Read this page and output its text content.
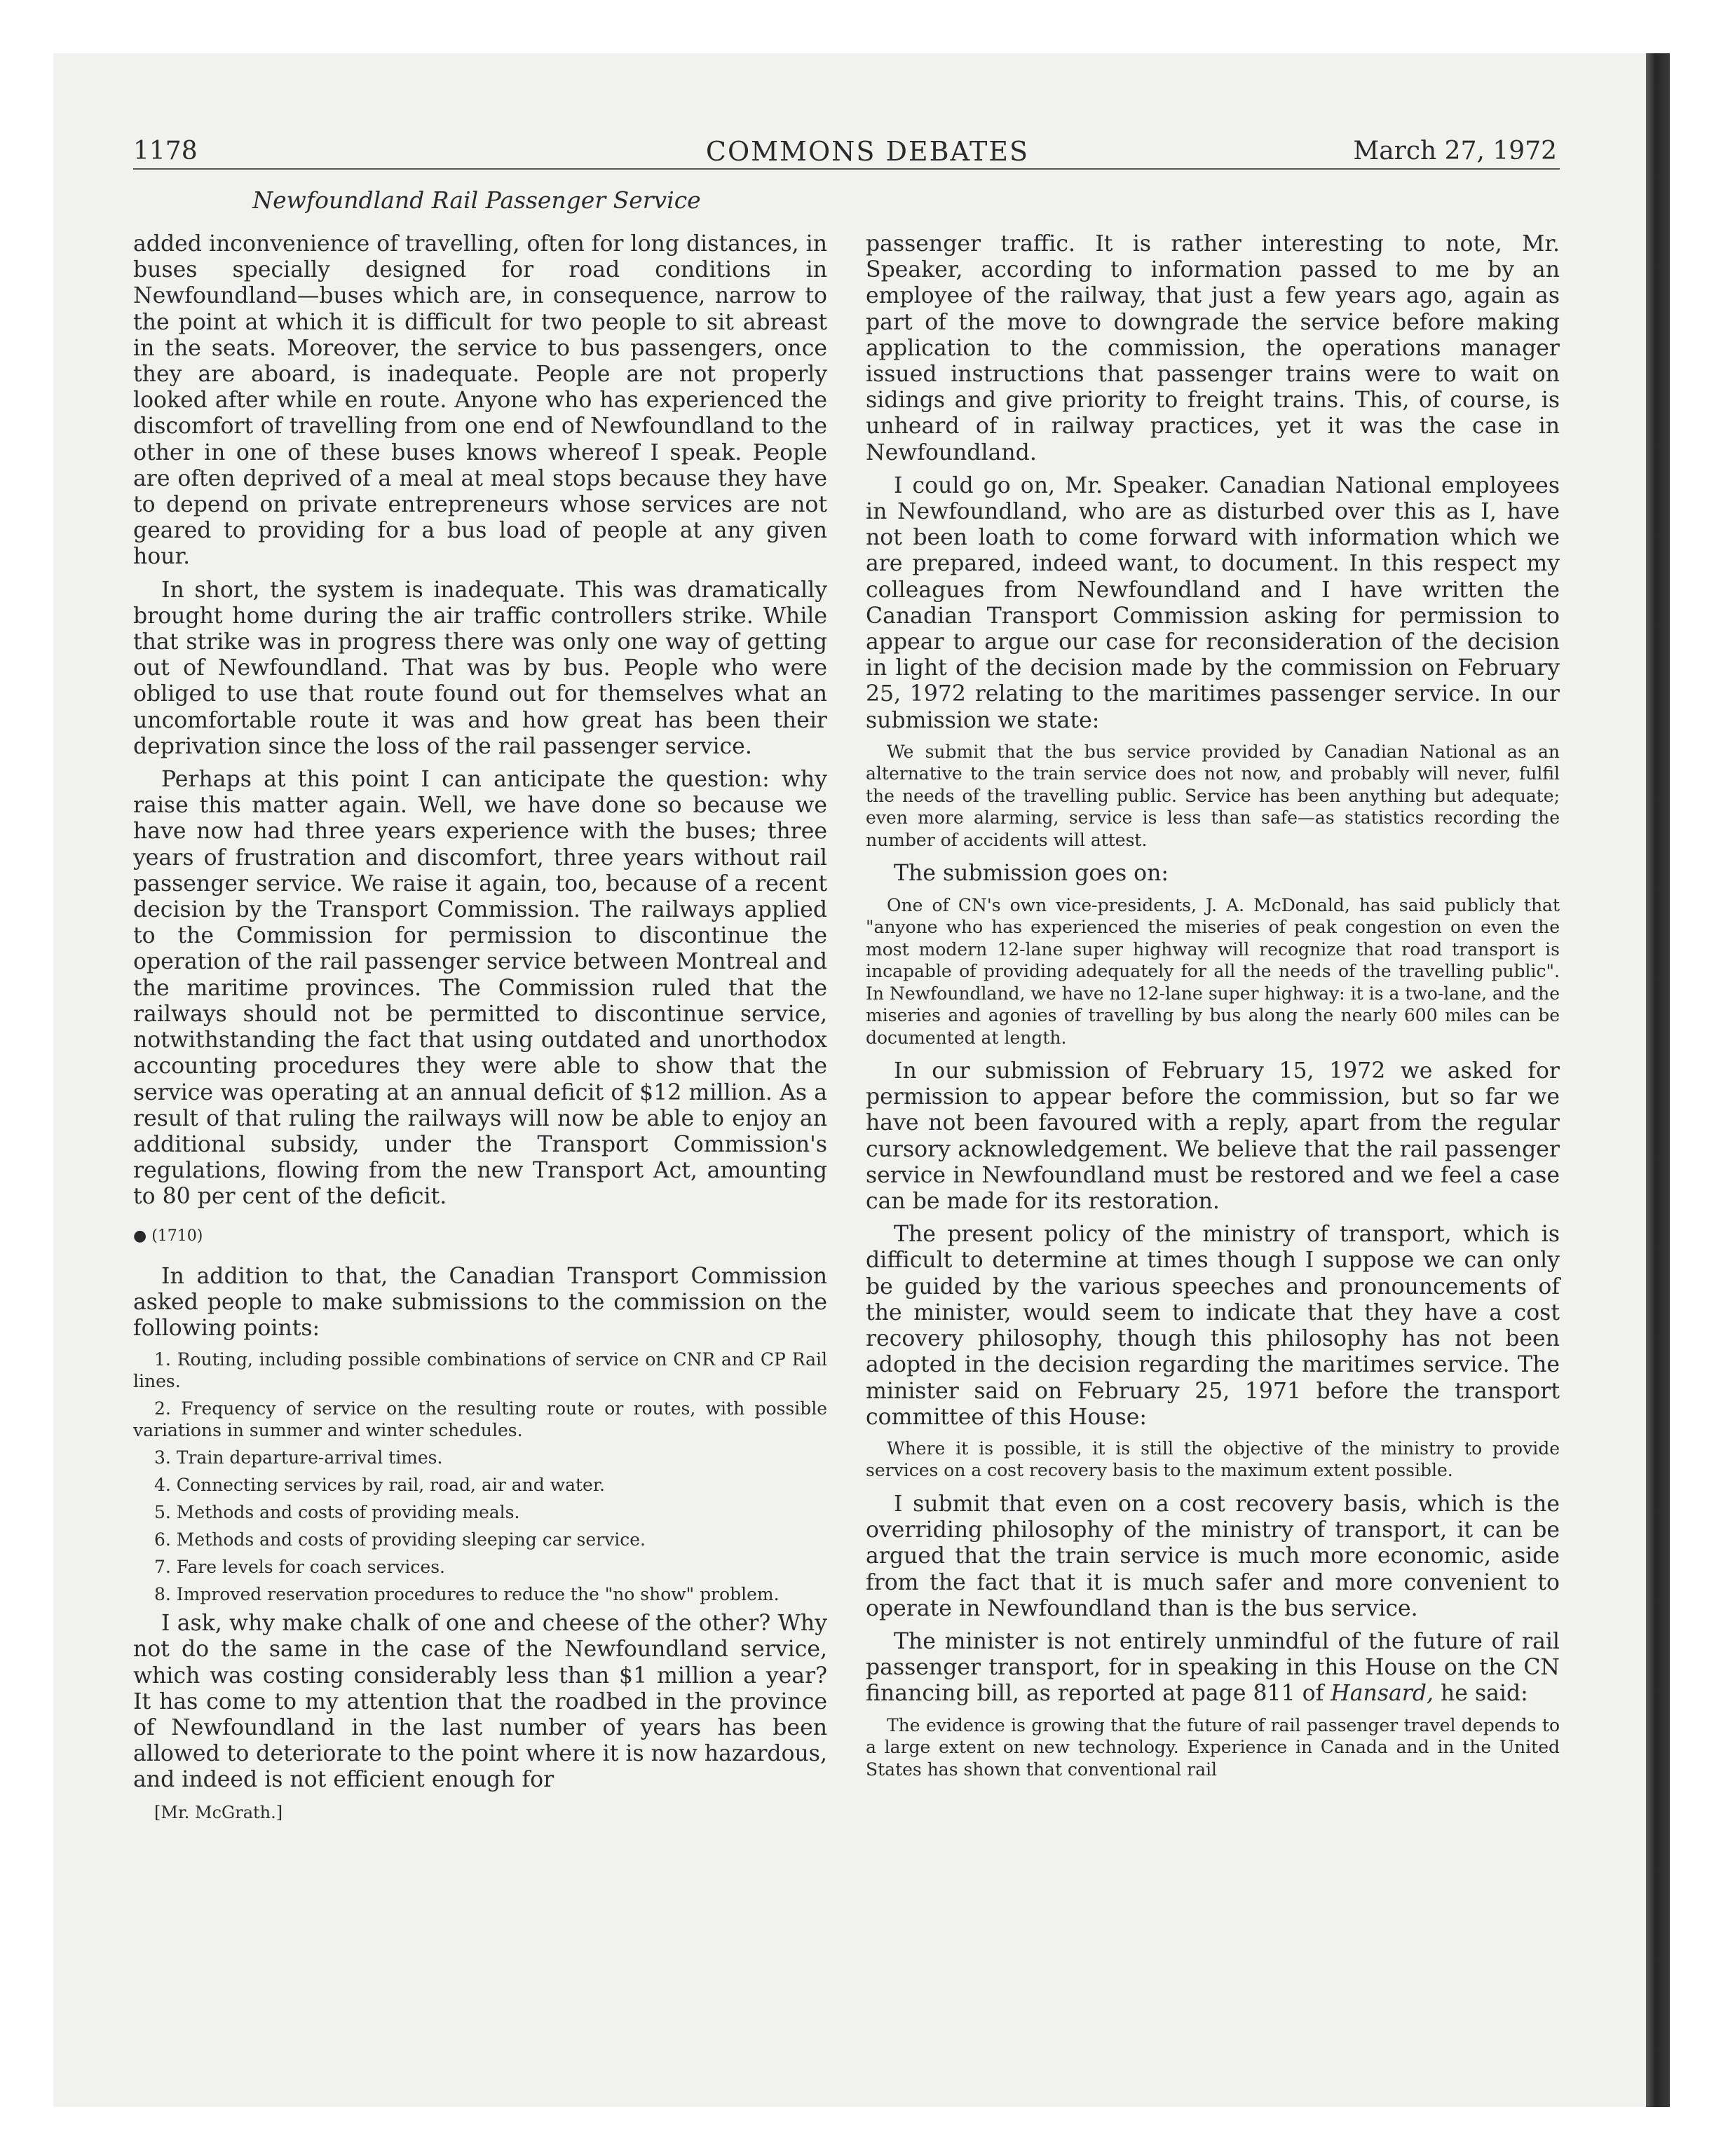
1178	COMMONS DEBATES	March 27, 1972
Newfoundland Rail Passenger Service

added inconvenience of travelling, often for long distances, in buses specially designed for road conditions in Newfoundland—buses which are, in consequence, narrow to the point at which it is difficult for two people to sit abreast in the seats. Moreover, the service to bus passengers, once they are aboard, is inadequate. People are not properly looked after while en route. Anyone who has experienced the discomfort of travelling from one end of Newfoundland to the other in one of these buses knows whereof I speak. People are often deprived of a meal at meal stops because they have to depend on private entrepreneurs whose services are not geared to providing for a bus load of people at any given hour.

In short, the system is inadequate. This was dramatically brought home during the air traffic controllers strike. While that strike was in progress there was only one way of getting out of Newfoundland. That was by bus. People who were obliged to use that route found out for themselves what an uncomfortable route it was and how great has been their deprivation since the loss of the rail passenger service.

Perhaps at this point I can anticipate the question: why raise this matter again. Well, we have done so because we have now had three years experience with the buses; three years of frustration and discomfort, three years without rail passenger service. We raise it again, too, because of a recent decision by the Transport Commission. The railways applied to the Commission for permission to discontinue the operation of the rail passenger service between Montreal and the maritime provinces. The Commission ruled that the railways should not be permitted to discontinue service, notwithstanding the fact that using outdated and unorthodox accounting procedures they were able to show that the service was operating at an annual deficit of $12 million. As a result of that ruling the railways will now be able to enjoy an additional subsidy, under the Transport Commission's regulations, flowing from the new Transport Act, amounting to 80 per cent of the deficit.

● (1710)

In addition to that, the Canadian Transport Commission asked people to make submissions to the commission on the following points:

1. Routing, including possible combinations of service on CNR and CP Rail lines.

2. Frequency of service on the resulting route or routes, with possible variations in summer and winter schedules.

3. Train departure-arrival times.

4. Connecting services by rail, road, air and water.

5. Methods and costs of providing meals.

6. Methods and costs of providing sleeping car service.

7. Fare levels for coach services.

8. Improved reservation procedures to reduce the "no show" problem.

I ask, why make chalk of one and cheese of the other? Why not do the same in the case of the Newfoundland service, which was costing considerably less than $1 million a year? It has come to my attention that the roadbed in the province of Newfoundland in the last number of years has been allowed to deteriorate to the point where it is now hazardous, and indeed is not efficient enough for

[Mr. McGrath.]

passenger traffic. It is rather interesting to note, Mr. Speaker, according to information passed to me by an employee of the railway, that just a few years ago, again as part of the move to downgrade the service before making application to the commission, the operations manager issued instructions that passenger trains were to wait on sidings and give priority to freight trains. This, of course, is unheard of in railway practices, yet it was the case in Newfoundland.

I could go on, Mr. Speaker. Canadian National employees in Newfoundland, who are as disturbed over this as I, have not been loath to come forward with information which we are prepared, indeed want, to document. In this respect my colleagues from Newfoundland and I have written the Canadian Transport Commission asking for permission to appear to argue our case for reconsideration of the decision in light of the decision made by the commission on February 25, 1972 relating to the maritimes passenger service. In our submission we state:

We submit that the bus service provided by Canadian National as an alternative to the train service does not now, and probably will never, fulfil the needs of the travelling public. Service has been anything but adequate; even more alarming, service is less than safe—as statistics recording the number of accidents will attest.

The submission goes on:

One of CN's own vice-presidents, J. A. McDonald, has said publicly that "anyone who has experienced the miseries of peak congestion on even the most modern 12-lane super highway will recognize that road transport is incapable of providing adequately for all the needs of the travelling public". In Newfoundland, we have no 12-lane super highway: it is a two-lane, and the miseries and agonies of travelling by bus along the nearly 600 miles can be documented at length.

In our submission of February 15, 1972 we asked for permission to appear before the commission, but so far we have not been favoured with a reply, apart from the regular cursory acknowledgement. We believe that the rail passenger service in Newfoundland must be restored and we feel a case can be made for its restoration.

The present policy of the ministry of transport, which is difficult to determine at times though I suppose we can only be guided by the various speeches and pronouncements of the minister, would seem to indicate that they have a cost recovery philosophy, though this philosophy has not been adopted in the decision regarding the maritimes service. The minister said on February 25, 1971 before the transport committee of this House:

Where it is possible, it is still the objective of the ministry to provide services on a cost recovery basis to the maximum extent possible.

I submit that even on a cost recovery basis, which is the overriding philosophy of the ministry of transport, it can be argued that the train service is much more economic, aside from the fact that it is much safer and more convenient to operate in Newfoundland than is the bus service.

The minister is not entirely unmindful of the future of rail passenger transport, for in speaking in this House on the CN financing bill, as reported at page 811 of Hansard, he said:

The evidence is growing that the future of rail passenger travel depends to a large extent on new technology. Experience in Canada and in the United States has shown that conventional rail
